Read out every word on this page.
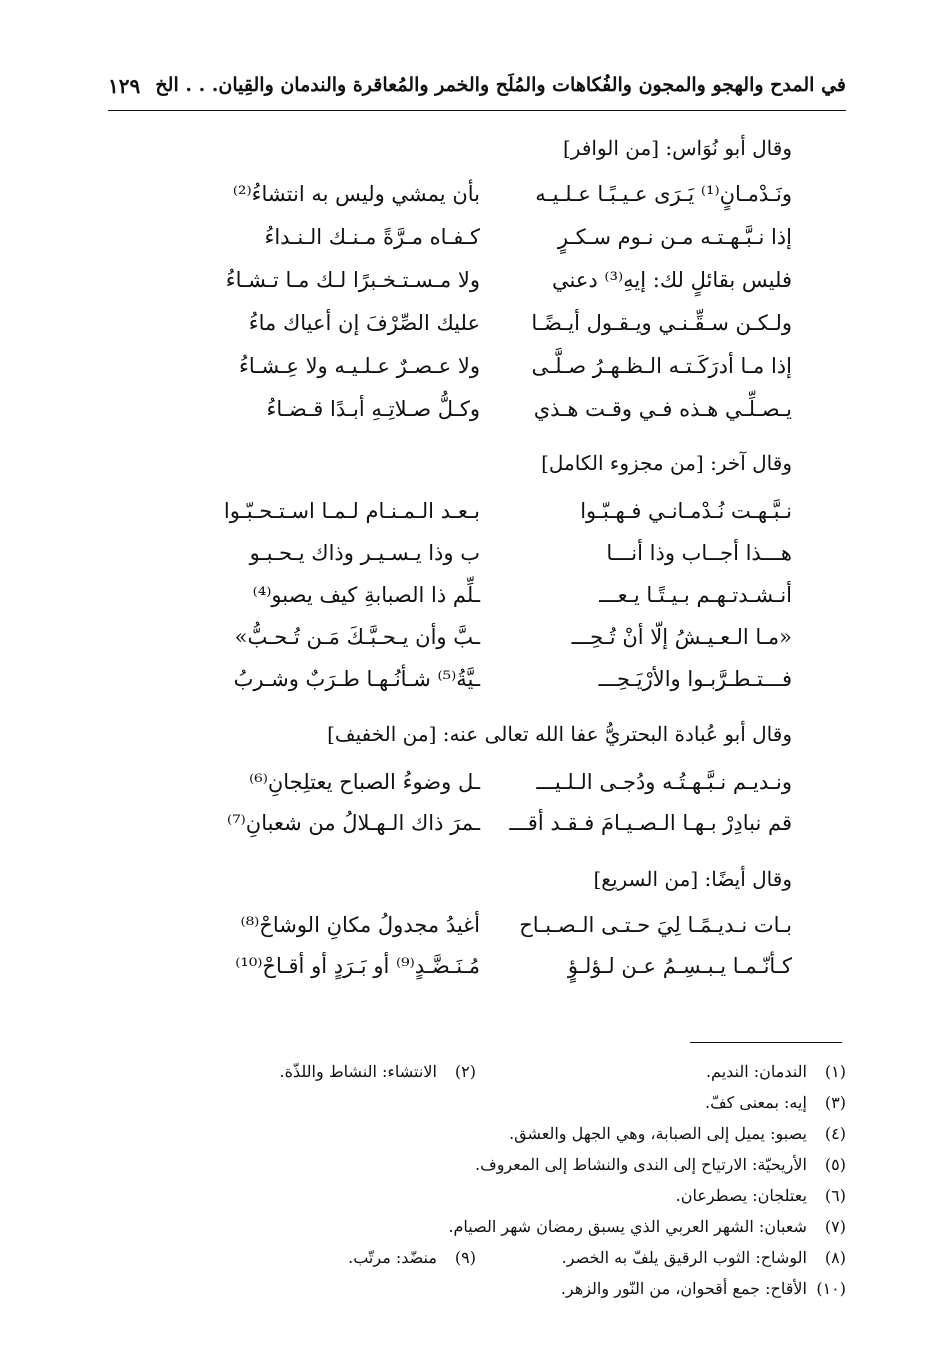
في المدح والهجو والمجون والفُكاهات والمُلَح والخمر والمُعاقرة والندمان والقِيان. . . الخ
١٢٩
وقال أبو نُوَاس: [من الوافر]
ونَـدْمـانٍ⁽¹⁾ يَـرَى عـيـبًـا عـلـيـه
بأن يمشي وليس به انتشاءُ⁽²⁾
إذا نـبَّـهـتـه مـن نـوم سـكـرٍ
كـفـاه مـرَّةً مـنـك الـنـداءُ
فليس بقائلٍ لك: إيهِ⁽³⁾ دعني
ولا مـسـتـخـبرًا لـك مـا تـشـاءُ
ولـكـن سـقِّـنـي ويـقـول أيـضًـا
عليك الصِّرْفَ إن أعياك ماءُ
إذا مـا أدرَكَـتـه الـظـهـرُ صـلَّـى
ولا عـصـرٌ عـلـيـه ولا عِـشـاءُ
يـصـلِّـي هـذه فـي وقـت هـذي
وكـلُّ صـلاتِـهِ أبـدًا قـضـاءُ
وقال آخر: [من مجزوء الكامل]
نـبَّـهـت نُـدْمـانـي فـهـبّـوا
بـعـد الـمـنـام لـمـا اسـتـحـبّـوا
هـــذا أجــاب وذا أنـــا
ب وذا يـسـيـر وذاك يـحـبـو
أنـشـدتـهـم بـيـتًـا يـعـــ
ـلِّم ذا الصبابةِ كيف يصبو⁽⁴⁾
«مـا الـعـيـشُ إلّا أنْ تُـحِـــ
ـبَّ وأن يـحـبَّـكَ مَـن تُـحـبُّ»
فـــتـطـرَّبـوا والأرْيَـحِـــ
ـيَّةُ⁽⁵⁾ شـأنُـهـا طـرَبٌ وشـربُ
وقال أبو عُبادة البحتريُّ عفا الله تعالى عنه: [من الخفيف]
ونـديـم نـبَّـهـتُـه ودُجـى الـلـيـــ
ـل وضوءُ الصباح يعتلِجانِ⁽⁶⁾
قم نبادِرْ بـهـا الـصـيـامَ فـقـد أقـــ
ـمرَ ذاك الـهـلالُ من شعبانِ⁽⁷⁾
وقال أيضًا: [من السريع]
بـات نـديـمًـا لِيَ حـتـى الـصـبـاح
أغيدُ مجدولُ مكانِ الوشاحْ⁽⁸⁾
كـأنّـمـا يـبـسِـمُ عـن لـؤلـؤٍ
مُـنَـضَّـدٍ⁽⁹⁾ أو بَـرَدٍ أو أقـاحْ⁽¹⁰⁾
(١) الندمان: النديم.
(٢) الانتشاء: النشاط واللذّة.
(٣) إيه: بمعنى كفّ.
(٤) يصبو: يميل إلى الصبابة، وهي الجهل والعشق.
(٥) الأريحيّة: الارتياح إلى الندى والنشاط إلى المعروف.
(٦) يعتلجان: يصطرعان.
(٧) شعبان: الشهر العربي الذي يسبق رمضان شهر الصيام.
(٨) الوشاح: الثوب الرقيق يلفّ به الخصر.
(٩) منضّد: مرتّب.
(١٠) الأقاح: جمع أقحوان، من النّور والزهر.
